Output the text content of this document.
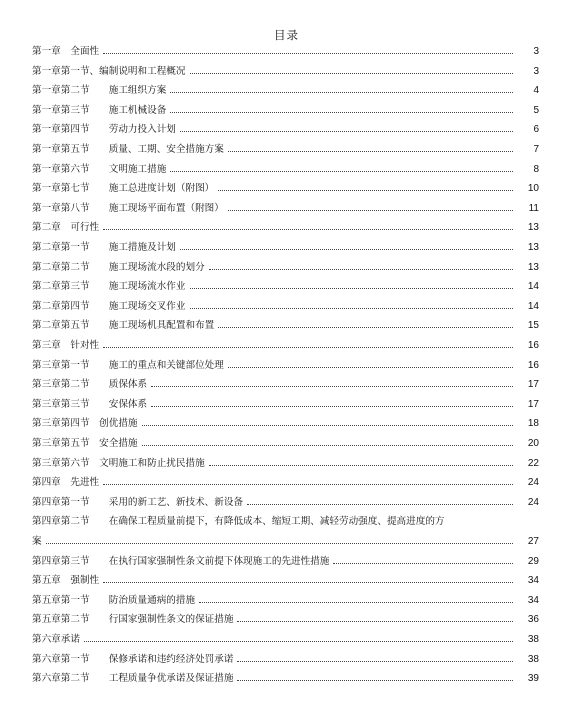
目录
第一章　全面性	3
第一章第一节、编制说明和工程概况	3
第一章第二节　　施工组织方案	4
第一章第三节　　施工机械设备	5
第一章第四节　　劳动力投入计划	6
第一章第五节　　质量、工期、安全措施方案	7
第一章第六节　　文明施工措施	8
第一章第七节　　施工总进度计划（附图）	10
第一章第八节　　施工现场平面布置（附图）	11
第二章　可行性	13
第二章第一节　　施工措施及计划	13
第二章第二节　　施工现场流水段的划分	13
第二章第三节　　施工现场流水作业	14
第二章第四节　　施工现场交叉作业	14
第二章第五节　　施工现场机具配置和布置	15
第三章　针对性	16
第三章第一节　　施工的重点和关键部位处理	16
第三章第二节　　质保体系	17
第三章第三节　　安保体系	17
第三章第四节　创优措施	18
第三章第五节　安全措施	20
第三章第六节　文明施工和防止扰民措施	22
第四章　先进性	24
第四章第一节　　采用的新工艺、新技术、新设备	24
第四章第二节　　在确保工程质量前提下，有降低成本、缩短工期、减轻劳动强度、提高进度的方
案	27
第四章第三节　　在执行国家强制性条文前提下体现施工的先进性措施	29
第五章　强制性	34
第五章第一节　　防治质量通病的措施	34
第五章第二节　　行国家强制性条文的保证措施	36
第六章承诺	38
第六章第一节　　保修承诺和违约经济处罚承诺	38
第六章第二节　　工程质量争优承诺及保证措施	39
